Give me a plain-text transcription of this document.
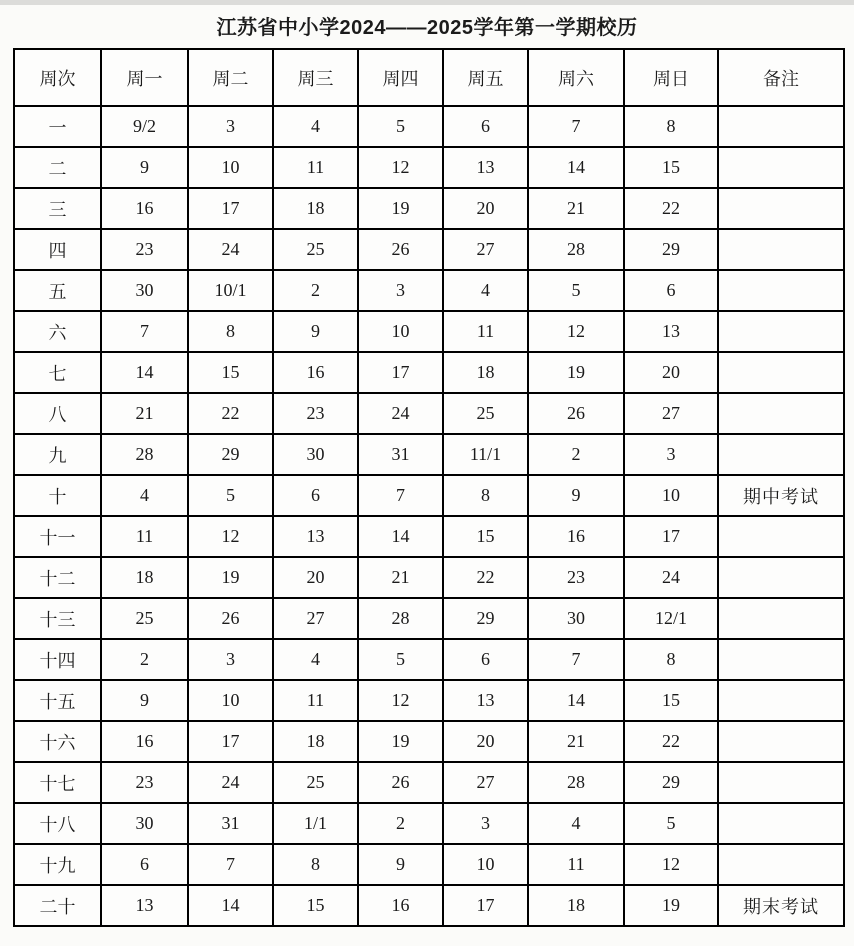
江苏省中小学2024——2025学年第一学期校历
周次	周一	周二	周三	周四	周五	周六	周日	备注
一	9/2	3	4	5	6	7	8	
二	9	10	11	12	13	14	15	
三	16	17	18	19	20	21	22	
四	23	24	25	26	27	28	29	
五	30	10/1	2	3	4	5	6	
六	7	8	9	10	11	12	13	
七	14	15	16	17	18	19	20	
八	21	22	23	24	25	26	27	
九	28	29	30	31	11/1	2	3	
十	4	5	6	7	8	9	10	期中考试
十一	11	12	13	14	15	16	17	
十二	18	19	20	21	22	23	24	
十三	25	26	27	28	29	30	12/1	
十四	2	3	4	5	6	7	8	
十五	9	10	11	12	13	14	15	
十六	16	17	18	19	20	21	22	
十七	23	24	25	26	27	28	29	
十八	30	31	1/1	2	3	4	5	
十九	6	7	8	9	10	11	12	
二十	13	14	15	16	17	18	19	期末考试
